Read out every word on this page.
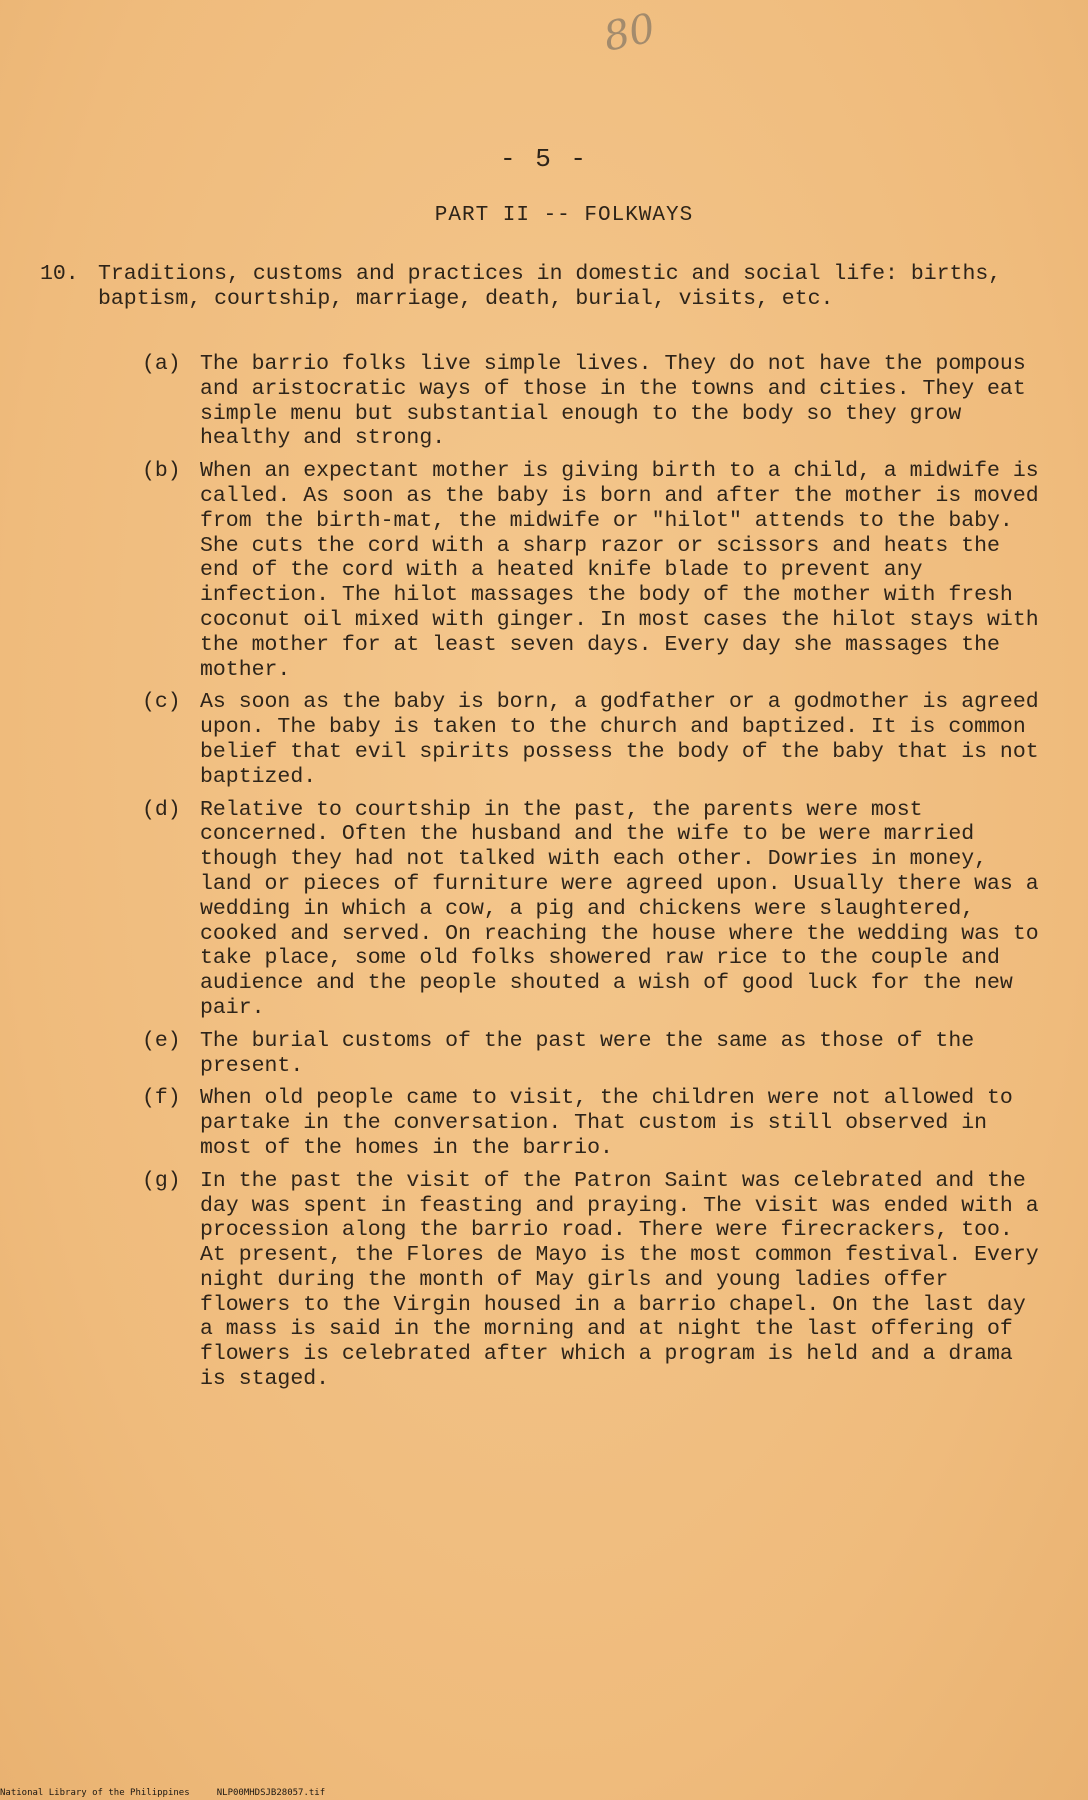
80
- 5 -
PART II -- FOLKWAYS
10. Traditions, customs and practices in domestic and social life: births, baptism, courtship, marriage, death, burial, visits, etc.
(a) The barrio folks live simple lives. They do not have the pompous and aristocratic ways of those in the towns and cities. They eat simple menu but substantial enough to the body so they grow healthy and strong.
(b) When an expectant mother is giving birth to a child, a midwife is called. As soon as the baby is born and after the mother is moved from the birth-mat, the midwife or "hilot" attends to the baby. She cuts the cord with a sharp razor or scissors and heats the end of the cord with a heated knife blade to prevent any infection. The hilot massages the body of the mother with fresh coconut oil mixed with ginger. In most cases the hilot stays with the mother for at least seven days. Every day she massages the mother.
(c) As soon as the baby is born, a godfather or a godmother is agreed upon. The baby is taken to the church and baptized. It is common belief that evil spirits possess the body of the baby that is not baptized.
(d) Relative to courtship in the past, the parents were most concerned. Often the husband and the wife to be were married though they had not talked with each other. Dowries in money, land or pieces of furniture were agreed upon. Usually there was a wedding in which a cow, a pig and chickens were slaughtered, cooked and served. On reaching the house where the wedding was to take place, some old folks showered raw rice to the couple and audience and the people shouted a wish of good luck for the new pair.
(e) The burial customs of the past were the same as those of the present.
(f) When old people came to visit, the children were not allowed to partake in the conversation. That custom is still observed in most of the homes in the barrio.
(g) In the past the visit of the Patron Saint was celebrated and the day was spent in feasting and praying. The visit was ended with a procession along the barrio road. There were firecrackers, too. At present, the Flores de Mayo is the most common festival. Every night during the month of May girls and young ladies offer flowers to the Virgin housed in a barrio chapel. On the last day a mass is said in the morning and at night the last offering of flowers is celebrated after which a program is held and a drama is staged.
National Library of the Philippines	NLP00MHDSJB28057.tif
